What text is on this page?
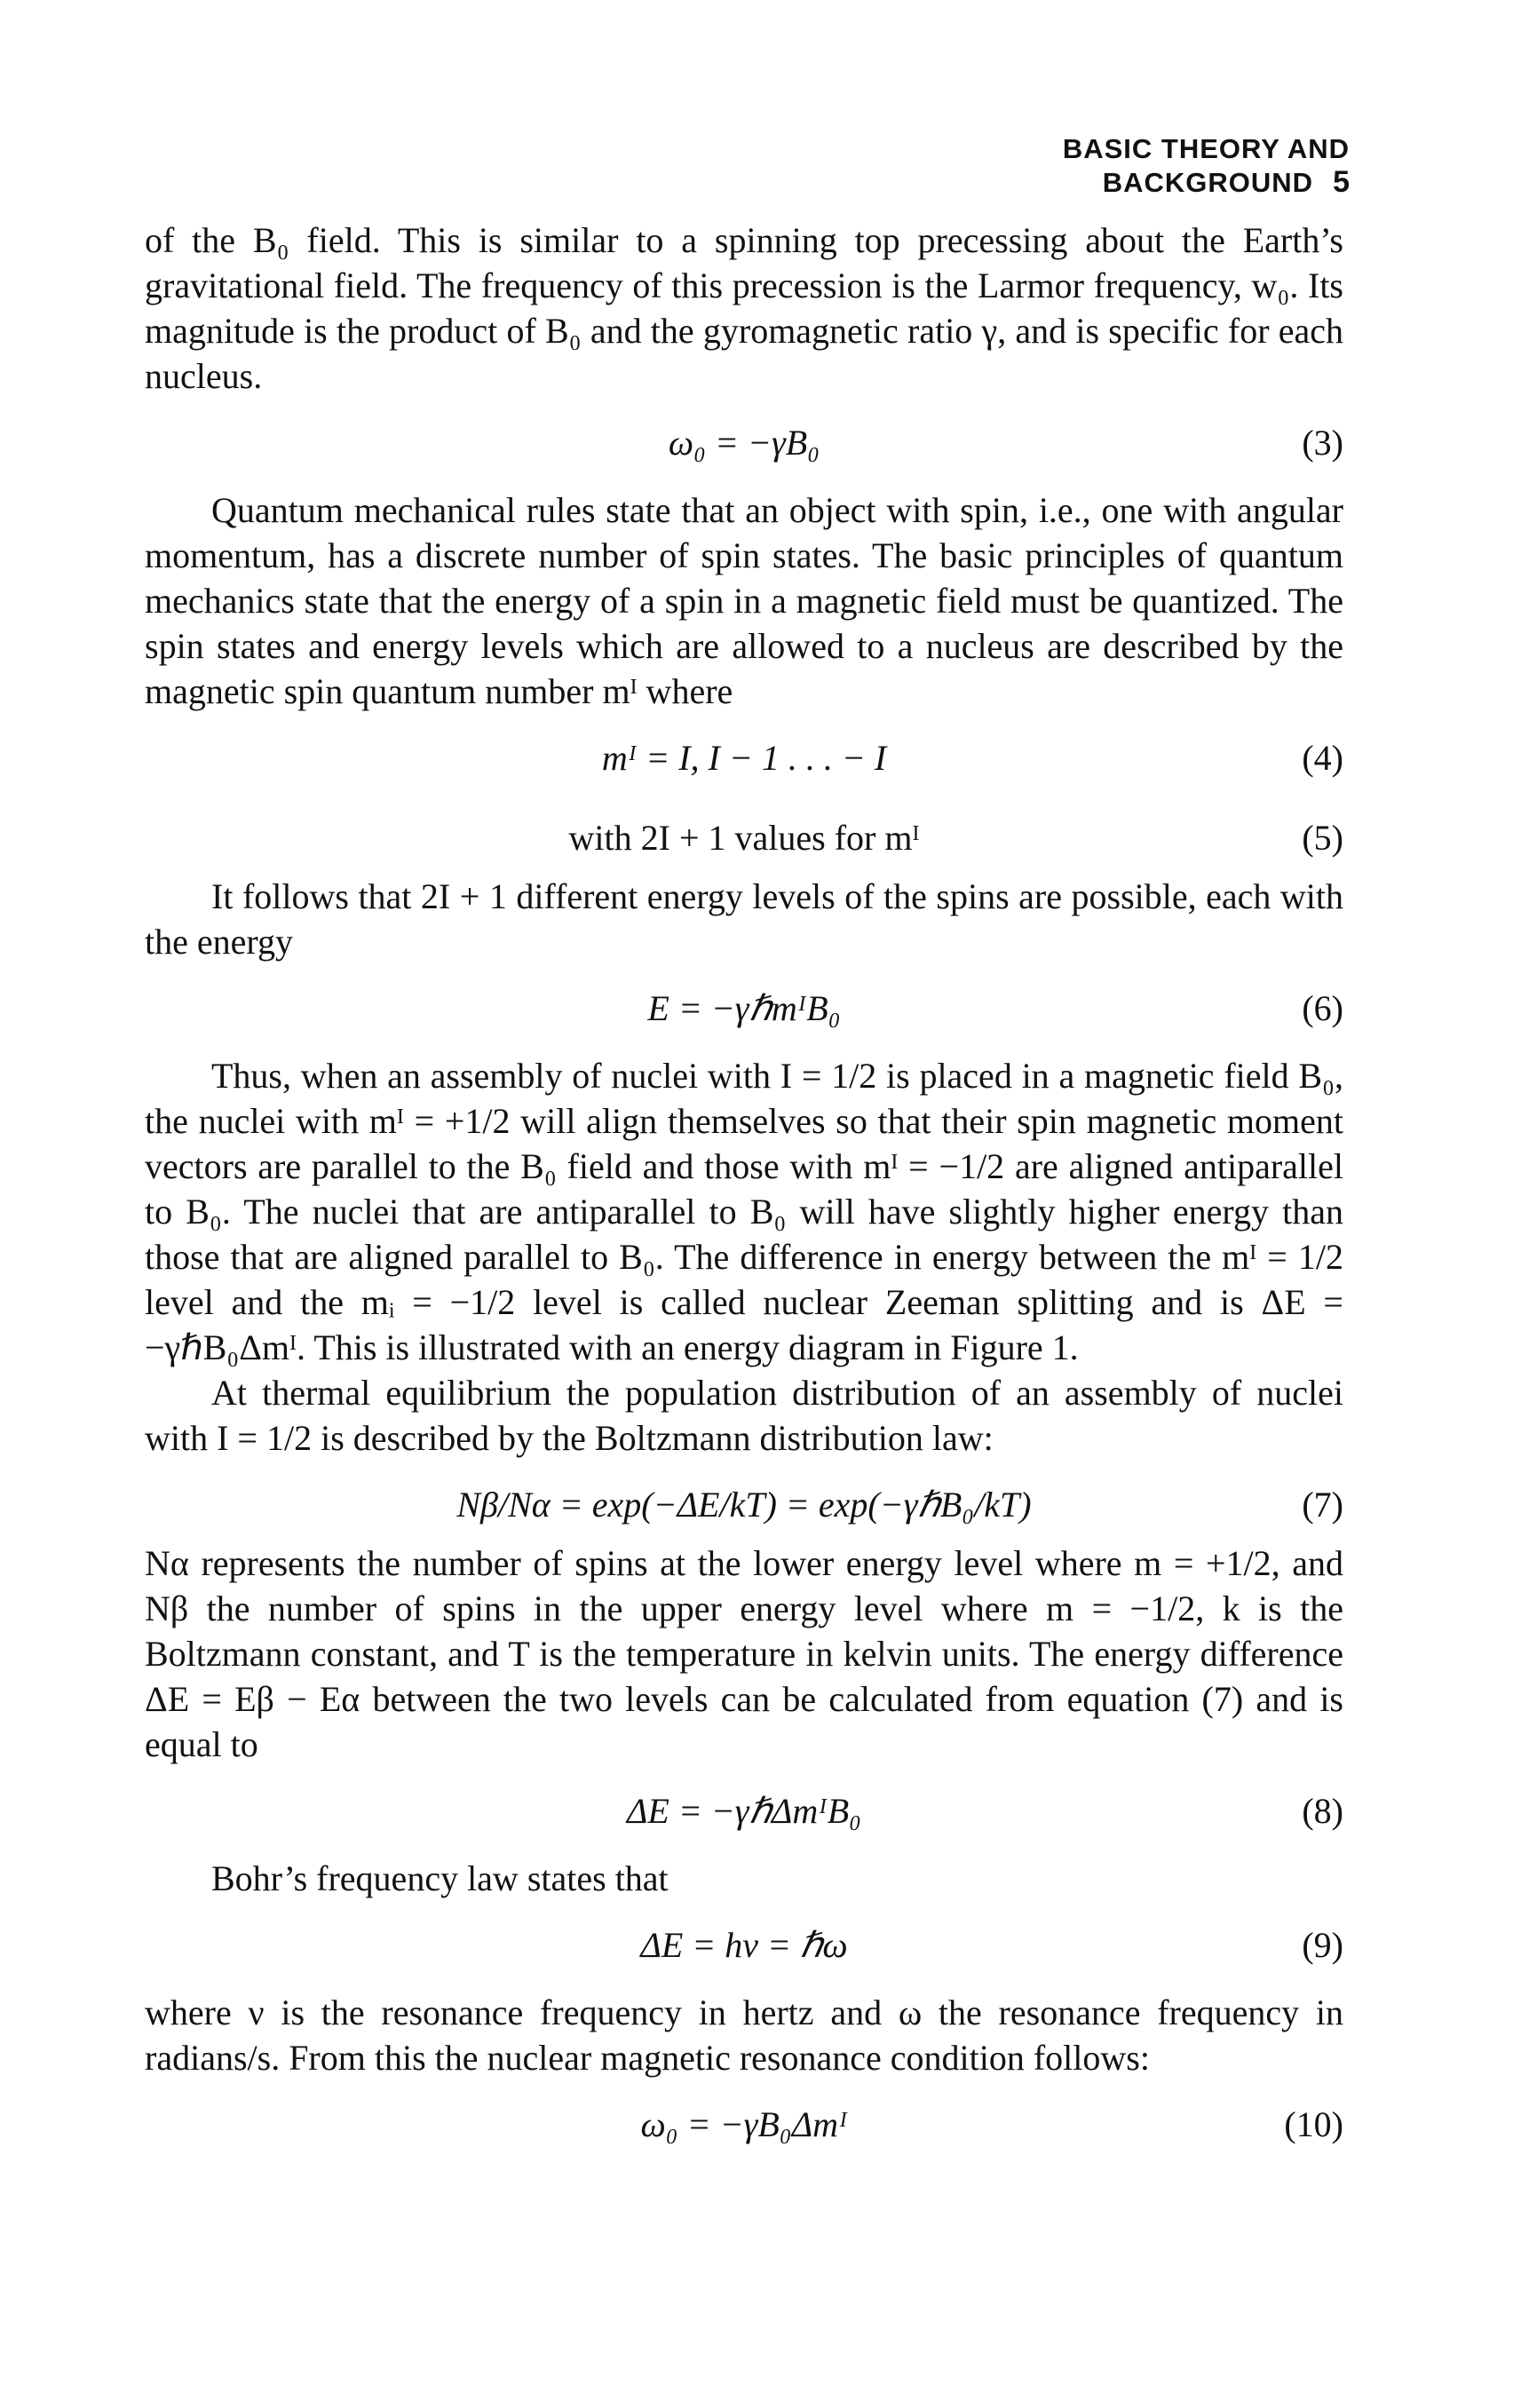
BASIC THEORY AND BACKGROUND 5

of the B₀ field. This is similar to a spinning top precessing about the Earth’s gravitational field. The frequency of this precession is the Larmor frequency, w₀. Its magnitude is the product of B₀ and the gyromagnetic ratio γ, and is specific for each nucleus.

ω₀ = −γB₀	(3)

Quantum mechanical rules state that an object with spin, i.e., one with angular momentum, has a discrete number of spin states. The basic principles of quantum mechanics state that the energy of a spin in a magnetic field must be quantized. The spin states and energy levels which are allowed to a nucleus are described by the magnetic spin quantum number mᴵ where

mᴵ = I, I − 1 . . . − I	(4)
with 2I + 1 values for mᴵ	(5)

It follows that 2I + 1 different energy levels of the spins are possible, each with the energy

E = −γℏmᴵB₀	(6)

Thus, when an assembly of nuclei with I = 1/2 is placed in a magnetic field B₀, the nuclei with mᴵ = +1/2 will align themselves so that their spin magnetic moment vectors are parallel to the B₀ field and those with mᴵ = −1/2 are aligned antiparallel to B₀. The nuclei that are antiparallel to B₀ will have slightly higher energy than those that are aligned parallel to B₀. The difference in energy between the mᴵ = 1/2 level and the mᵢ = −1/2 level is called nuclear Zeeman splitting and is ΔE = −γℏB₀Δmᴵ. This is illustrated with an energy diagram in Figure 1.

At thermal equilibrium the population distribution of an assembly of nuclei with I = 1/2 is described by the Boltzmann distribution law:

Nβ/Nα = exp(−ΔE/kT) = exp(−γℏB₀/kT)	(7)

Nα represents the number of spins at the lower energy level where m = +1/2, and Nβ the number of spins in the upper energy level where m = −1/2, k is the Boltzmann constant, and T is the temperature in kelvin units. The energy difference ΔE = Eβ − Eα between the two levels can be calculated from equation (7) and is equal to

ΔE = −γℏΔmᴵB₀	(8)

Bohr’s frequency law states that

ΔE = hν = ℏω	(9)

where ν is the resonance frequency in hertz and ω the resonance frequency in radians/s. From this the nuclear magnetic resonance condition follows:

ω₀ = −γB₀Δmᴵ	(10)
